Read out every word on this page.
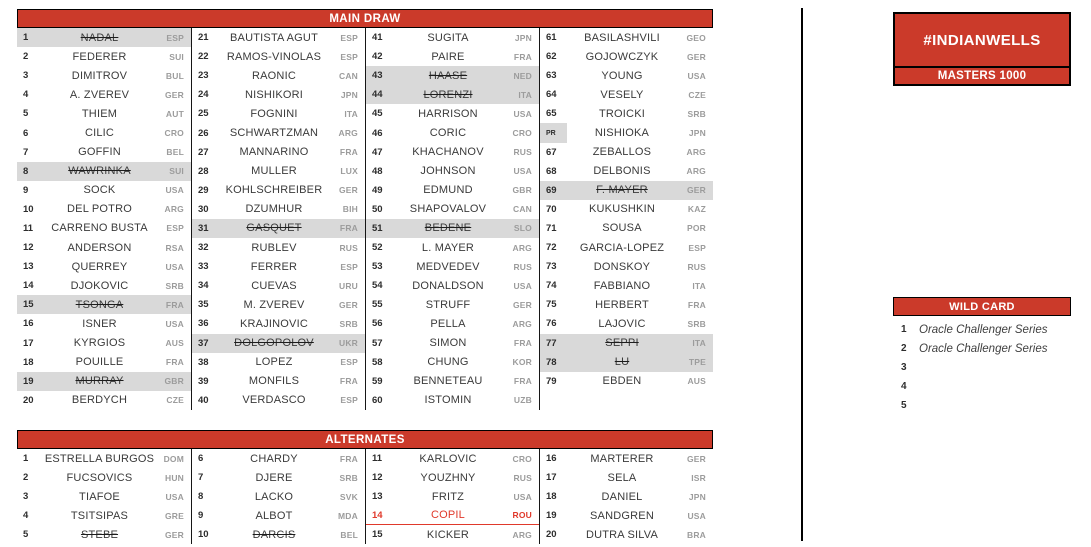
MAIN DRAW
1	NADAL	ESP
2	FEDERER	SUI
3	DIMITROV	BUL
4	A. ZVEREV	GER
5	THIEM	AUT
6	CILIC	CRO
7	GOFFIN	BEL
8	WAWRINKA	SUI
9	SOCK	USA
10	DEL POTRO	ARG
11	CARRENO BUSTA	ESP
12	ANDERSON	RSA
13	QUERREY	USA
14	DJOKOVIC	SRB
15	TSONGA	FRA
16	ISNER	USA
17	KYRGIOS	AUS
18	POUILLE	FRA
19	MURRAY	GBR
20	BERDYCH	CZE
21	BAUTISTA AGUT	ESP
22	RAMOS-VINOLAS	ESP
23	RAONIC	CAN
24	NISHIKORI	JPN
25	FOGNINI	ITA
26	SCHWARTZMAN	ARG
27	MANNARINO	FRA
28	MULLER	LUX
29	KOHLSCHREIBER	GER
30	DZUMHUR	BIH
31	GASQUET	FRA
32	RUBLEV	RUS
33	FERRER	ESP
34	CUEVAS	URU
35	M. ZVEREV	GER
36	KRAJINOVIC	SRB
37	DOLGOPOLOV	UKR
38	LOPEZ	ESP
39	MONFILS	FRA
40	VERDASCO	ESP
41	SUGITA	JPN
42	PAIRE	FRA
43	HAASE	NED
44	LORENZI	ITA
45	HARRISON	USA
46	CORIC	CRO
47	KHACHANOV	RUS
48	JOHNSON	USA
49	EDMUND	GBR
50	SHAPOVALOV	CAN
51	BEDENE	SLO
52	L. MAYER	ARG
53	MEDVEDEV	RUS
54	DONALDSON	USA
55	STRUFF	GER
56	PELLA	ARG
57	SIMON	FRA
58	CHUNG	KOR
59	BENNETEAU	FRA
60	ISTOMIN	UZB
61	BASILASHVILI	GEO
62	GOJOWCZYK	GER
63	YOUNG	USA
64	VESELY	CZE
65	TROICKI	SRB
PR	NISHIOKA	JPN
67	ZEBALLOS	ARG
68	DELBONIS	ARG
69	F. MAYER	GER
70	KUKUSHKIN	KAZ
71	SOUSA	POR
72	GARCIA-LOPEZ	ESP
73	DONSKOY	RUS
74	FABBIANO	ITA
75	HERBERT	FRA
76	LAJOVIC	SRB
77	SEPPI	ITA
78	LU	TPE
79	EBDEN	AUS
ALTERNATES
1	ESTRELLA BURGOS	DOM
2	FUCSOVICS	HUN
3	TIAFOE	USA
4	TSITSIPAS	GRE
5	STEBE	GER
6	CHARDY	FRA
7	DJERE	SRB
8	LACKO	SVK
9	ALBOT	MDA
10	DARCIS	BEL
11	KARLOVIC	CRO
12	YOUZHNY	RUS
13	FRITZ	USA
14	COPIL	ROU
15	KICKER	ARG
16	MARTERER	GER
17	SELA	ISR
18	DANIEL	JPN
19	SANDGREN	USA
20	DUTRA SILVA	BRA
#INDIANWELLS
MASTERS 1000
WILD CARD
1	Oracle Challenger Series
2	Oracle Challenger Series
3
4
5
